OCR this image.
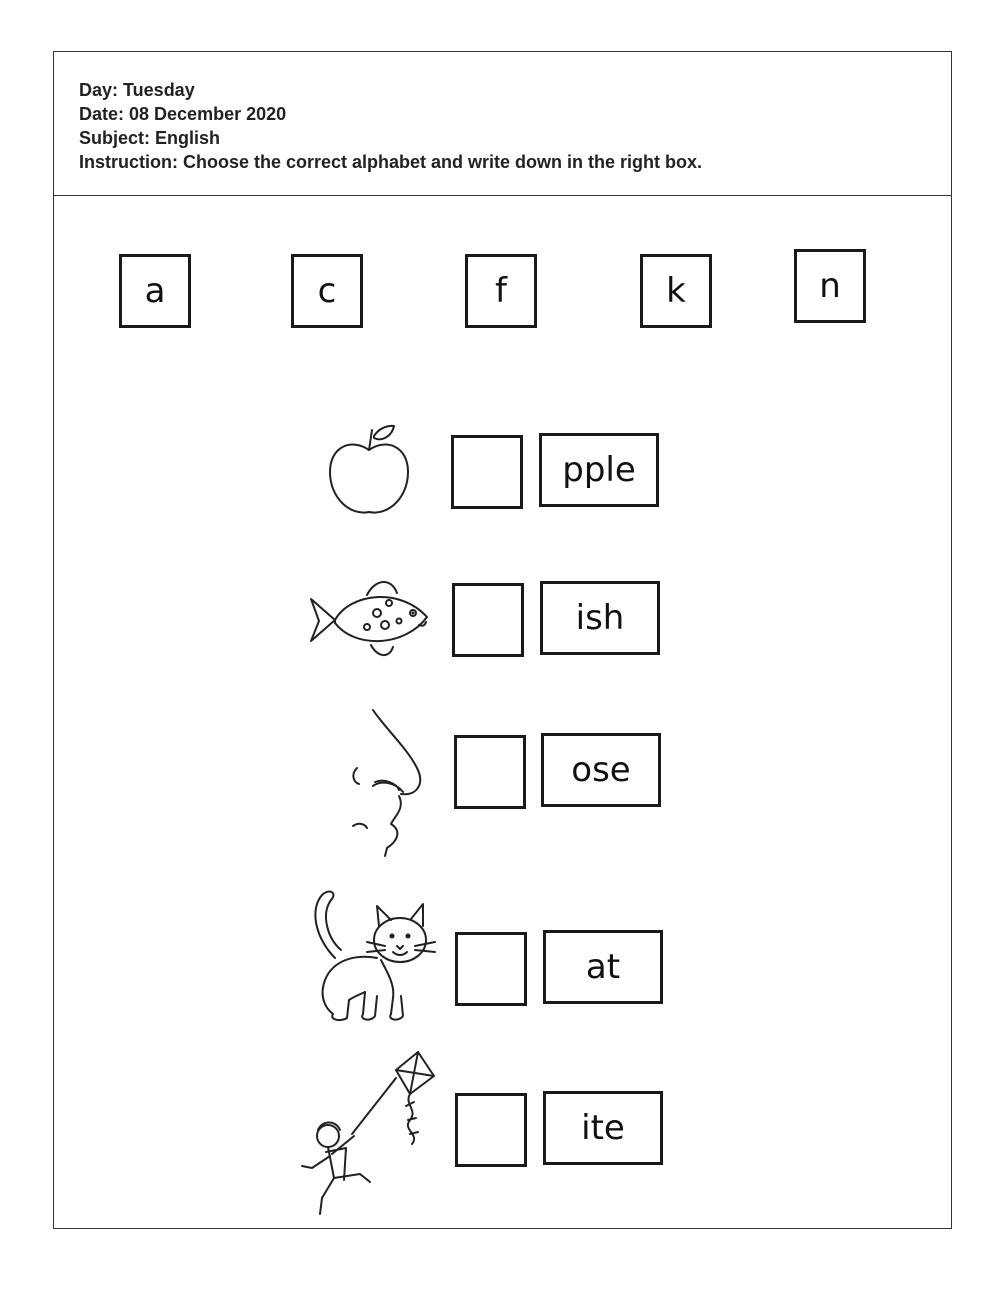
Day: Tuesday
Date: 08 December 2020
Subject: English
Instruction: Choose the correct alphabet and write down in the right box.
a	c	f	k	n
pple
ish
ose
at
ite
